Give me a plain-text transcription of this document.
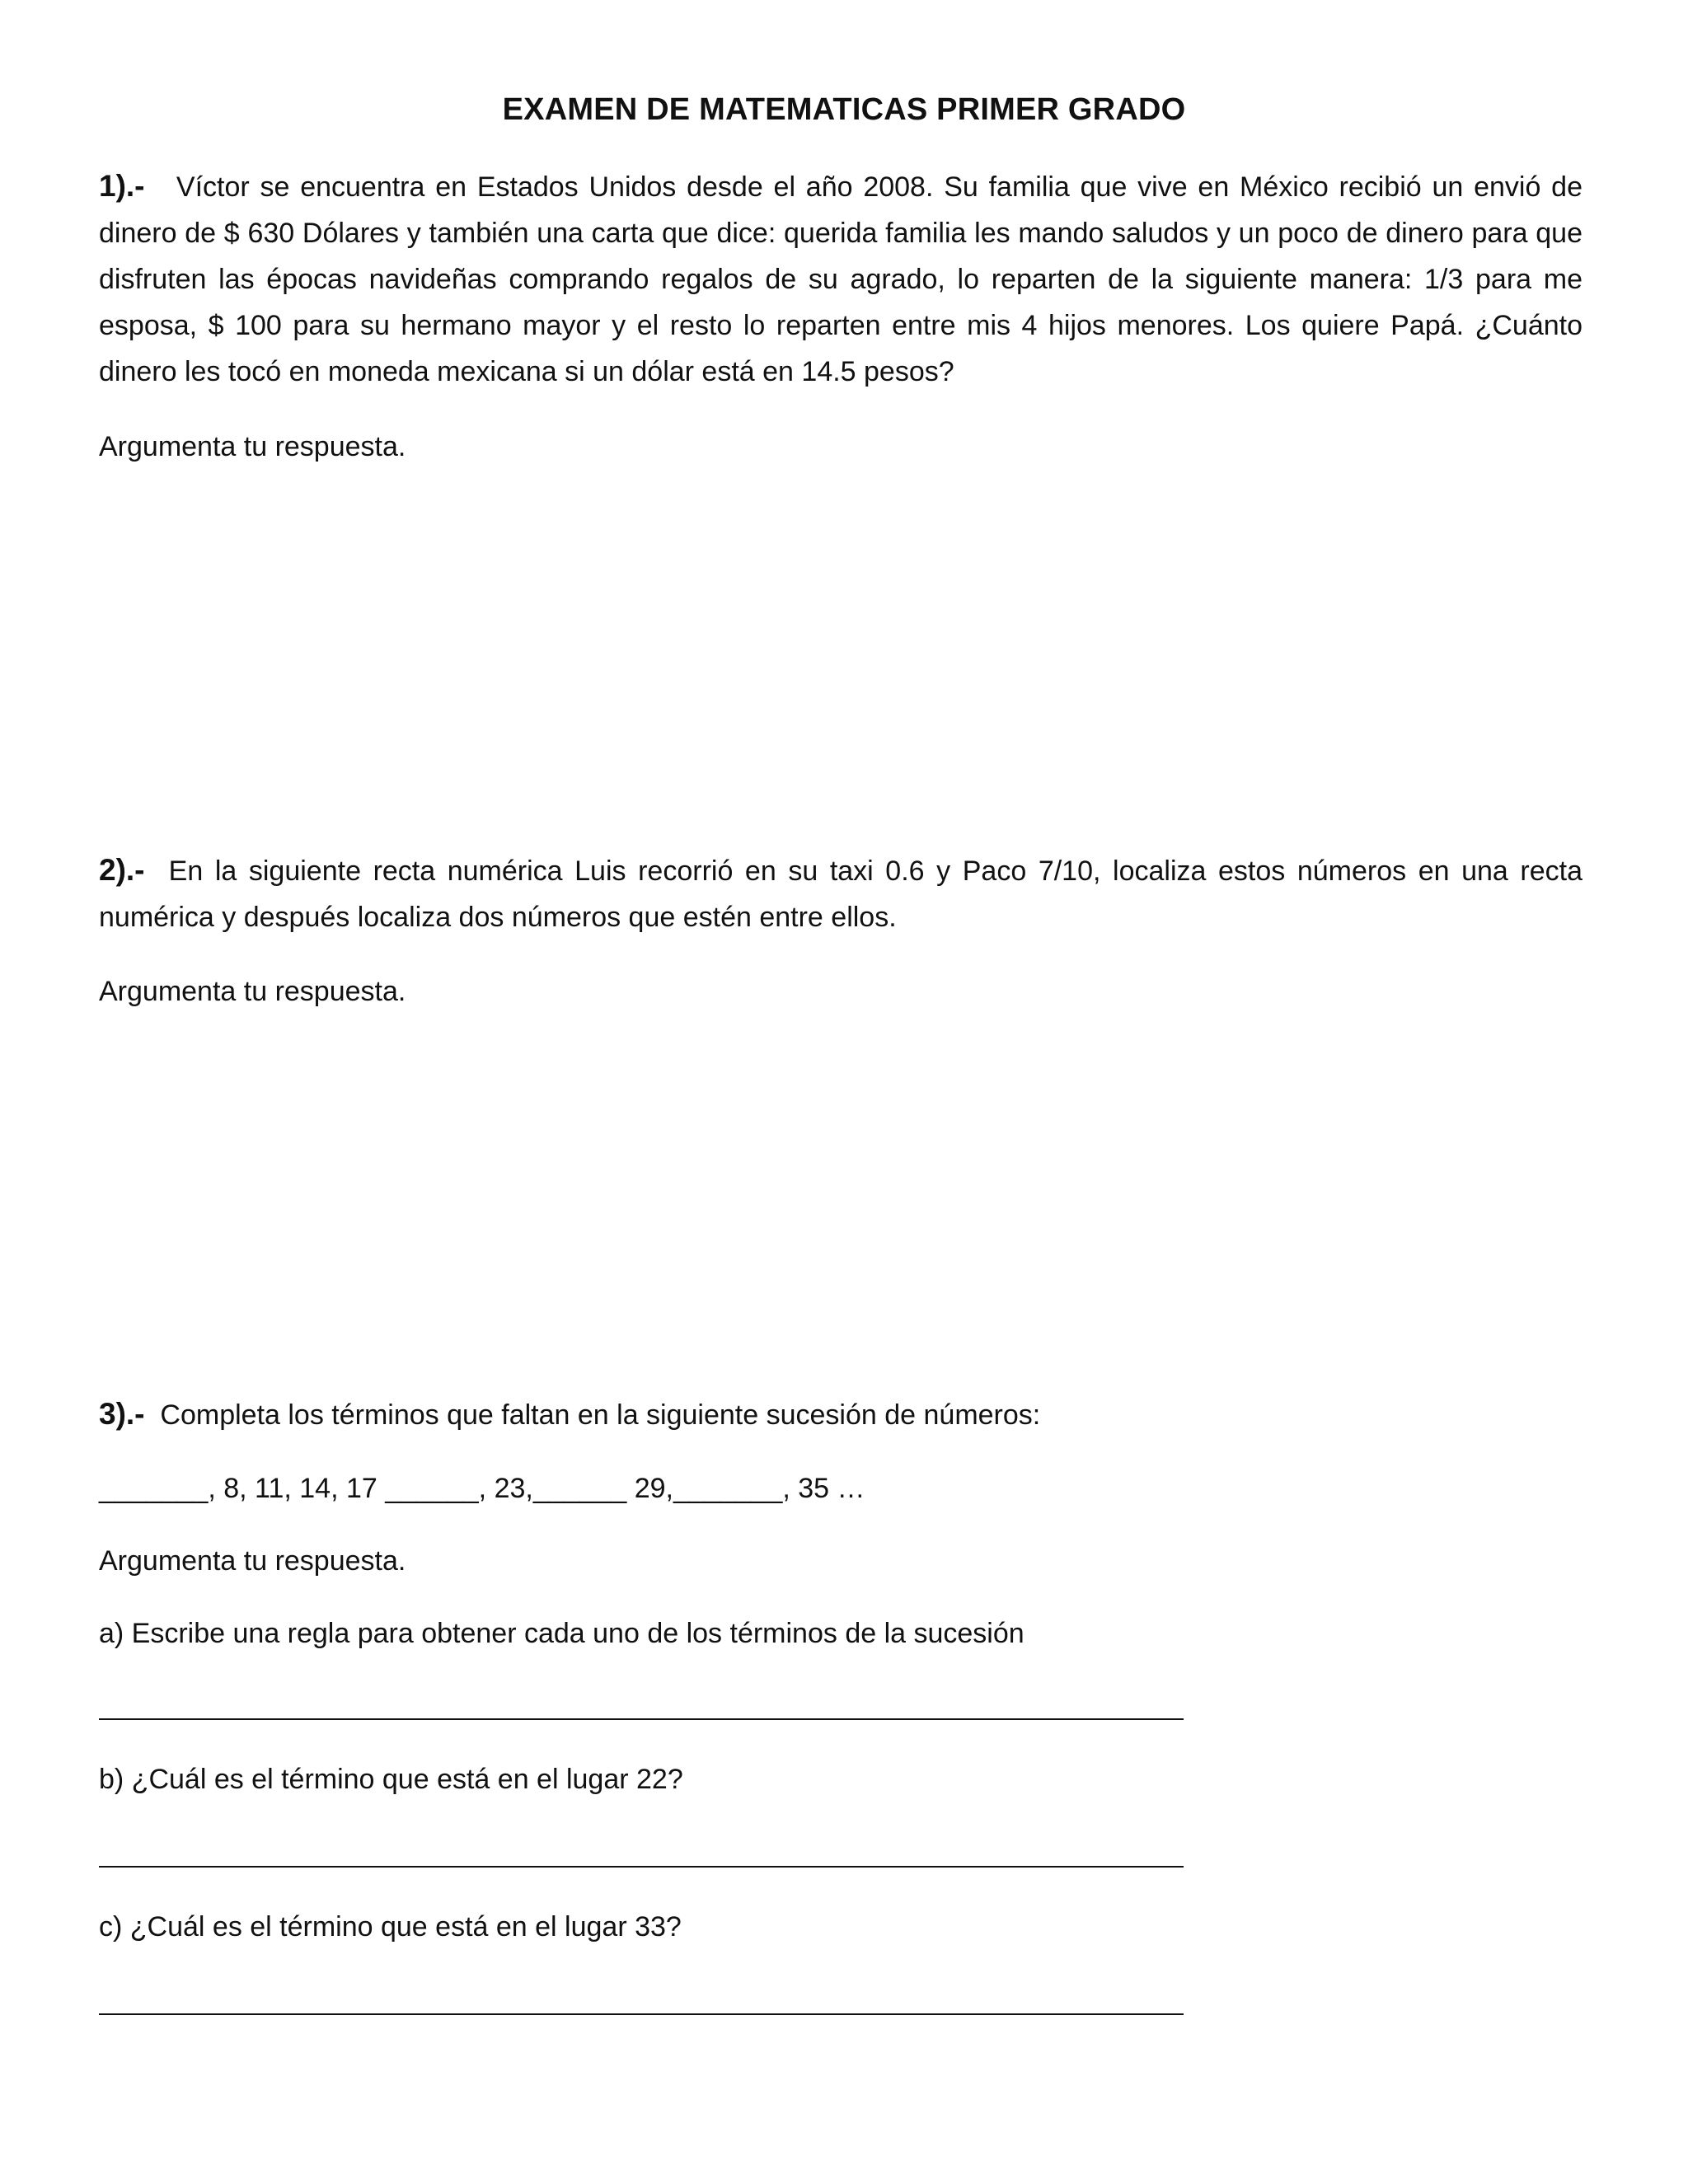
EXAMEN DE MATEMATICAS PRIMER GRADO
1).- Víctor se encuentra en Estados Unidos desde el año 2008. Su familia que vive en México recibió un envió de dinero de $ 630 Dólares y también una carta que dice: querida familia les mando saludos y un poco de dinero para que disfruten las épocas navideñas comprando regalos de su agrado, lo reparten de la siguiente manera: 1/3 para me esposa, $ 100 para su hermano mayor y el resto lo reparten entre mis 4 hijos menores. Los quiere Papá. ¿Cuánto dinero les tocó en moneda mexicana si un dólar está en 14.5 pesos?
Argumenta tu respuesta.
2).- En la siguiente recta numérica Luis recorrió en su taxi 0.6 y Paco 7/10, localiza estos números en una recta numérica y después localiza dos números que estén entre ellos.
Argumenta tu respuesta.
3).- Completa los términos que faltan en la siguiente sucesión de números:
_______, 8, 11, 14, 17 ______, 23,______ 29,_______, 35 …
Argumenta tu respuesta.
a) Escribe una regla para obtener cada uno de los términos de la sucesión
b) ¿Cuál es el término que está en el lugar 22?
c) ¿Cuál es el término que está en el lugar 33?
